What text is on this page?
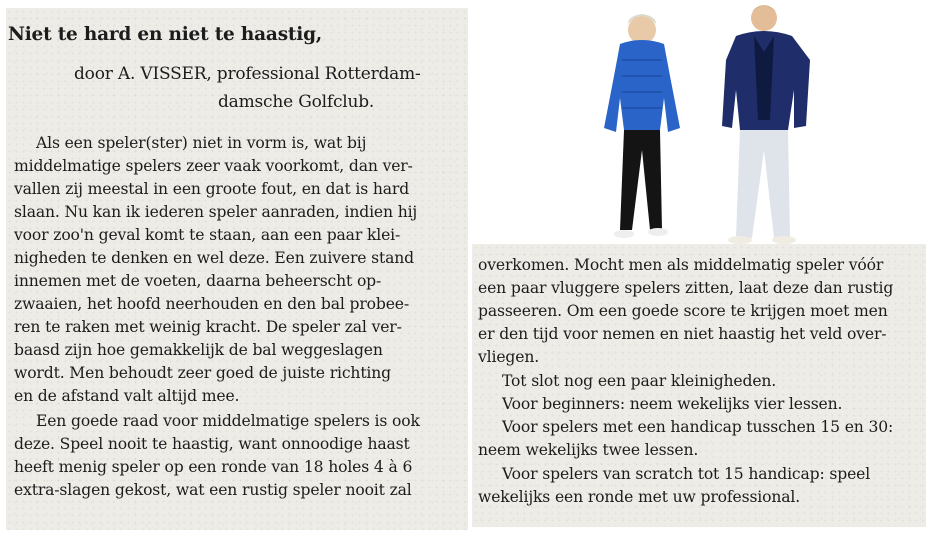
Niet te hard en niet te haastig,
door A. VISSER, professional Rotterdam-
damsche Golfclub.
Als een speler(ster) niet in vorm is, wat bij
middelmatige spelers zeer vaak voorkomt, dan ver-
vallen zij meestal in een groote fout, en dat is hard
slaan. Nu kan ik iederen speler aanraden, indien hij
voor zoo'n geval komt te staan, aan een paar klei-
nigheden te denken en wel deze. Een zuivere stand
innemen met de voeten, daarna beheerscht op-
zwaaien, het hoofd neerhouden en den bal probee-
ren te raken met weinig kracht. De speler zal ver-
baasd zijn hoe gemakkelijk de bal weggeslagen
wordt. Men behoudt zeer goed de juiste richting
en de afstand valt altijd mee.
Een goede raad voor middelmatige spelers is ook
deze. Speel nooit te haastig, want onnoodige haast
heeft menig speler op een ronde van 18 holes 4 à 6
extra-slagen gekost, wat een rustig speler nooit zal
overkomen. Mocht men als middelmatig speler vóór
een paar vluggere spelers zitten, laat deze dan rustig
passeeren. Om een goede score te krijgen moet men
er den tijd voor nemen en niet haastig het veld over-
vliegen.
Tot slot nog een paar kleinigheden.
Voor beginners: neem wekelijks vier lessen.
Voor spelers met een handicap tusschen 15 en 30:
neem wekelijks twee lessen.
Voor spelers van scratch tot 15 handicap: speel
wekelijks een ronde met uw professional.
